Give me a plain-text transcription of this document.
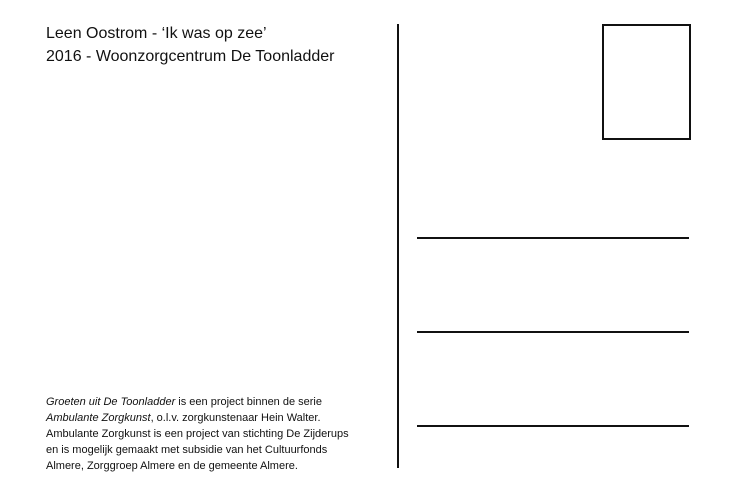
Leen Oostrom - ‘Ik was op zee’
2016 - Woonzorgcentrum De Toonladder
Groeten uit De Toonladder is een project binnen de serie
Ambulante Zorgkunst, o.l.v. zorgkunstenaar Hein Walter.
Ambulante Zorgkunst is een project van stichting De Zijderups
en is mogelijk gemaakt met subsidie van het Cultuurfonds
Almere, Zorggroep Almere en de gemeente Almere.
